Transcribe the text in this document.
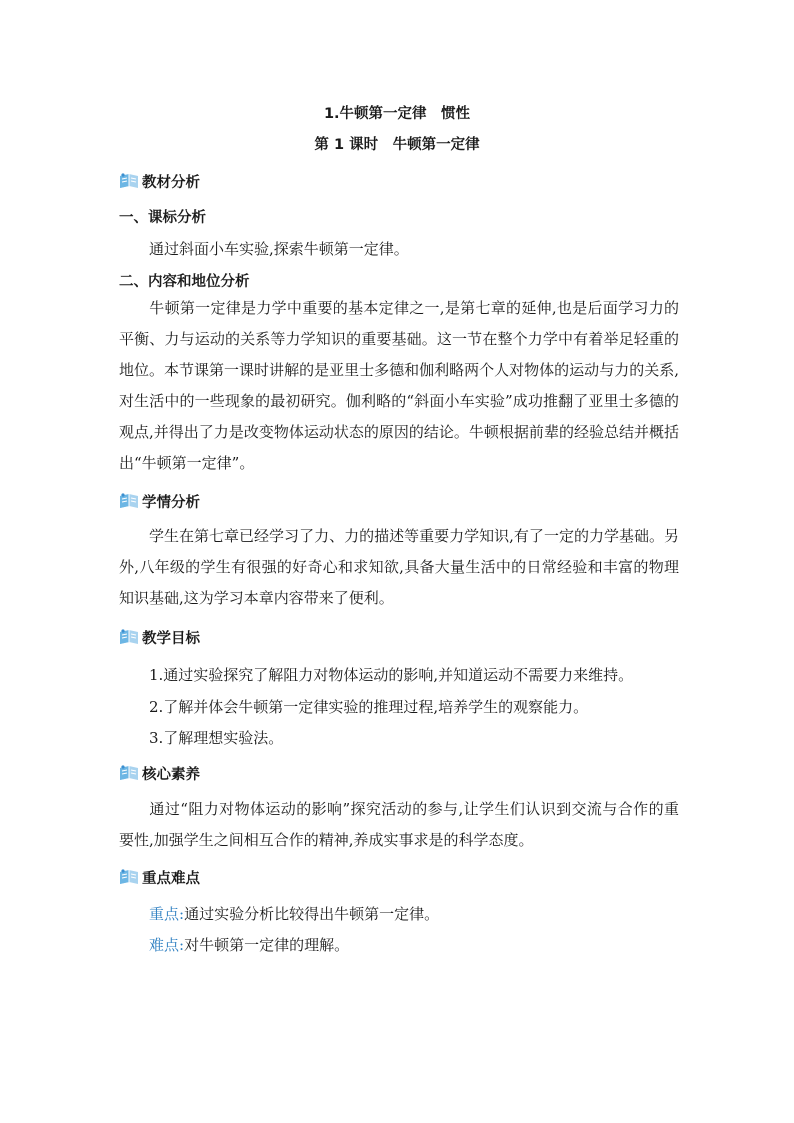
1.牛顿第一定律　惯性
第 1 课时　牛顿第一定律
教材分析
一、课标分析
通过斜面小车实验,探索牛顿第一定律。
二、内容和地位分析

牛顿第一定律是力学中重要的基本定律之一,是第七章的延伸,也是后面学习力的平衡、力与运动的关系等力学知识的重要基础。这一节在整个力学中有着举足轻重的地位。本节课第一课时讲解的是亚里士多德和伽利略两个人对物体的运动与力的关系,对生活中的一些现象的最初研究。伽利略的“斜面小车实验”成功推翻了亚里士多德的观点,并得出了力是改变物体运动状态的原因的结论。牛顿根据前辈的经验总结并概括出“牛顿第一定律”。

学情分析

学生在第七章已经学习了力、力的描述等重要力学知识,有了一定的力学基础。另外,八年级的学生有很强的好奇心和求知欲,具备大量生活中的日常经验和丰富的物理知识基础,这为学习本章内容带来了便利。

教学目标
1.通过实验探究了解阻力对物体运动的影响,并知道运动不需要力来维持。
2.了解并体会牛顿第一定律实验的推理过程,培养学生的观察能力。
3.了解理想实验法。
核心素养

通过“阻力对物体运动的影响”探究活动的参与,让学生们认识到交流与合作的重要性,加强学生之间相互合作的精神,养成实事求是的科学态度。

重点难点
重点:通过实验分析比较得出牛顿第一定律。
难点:对牛顿第一定律的理解。
